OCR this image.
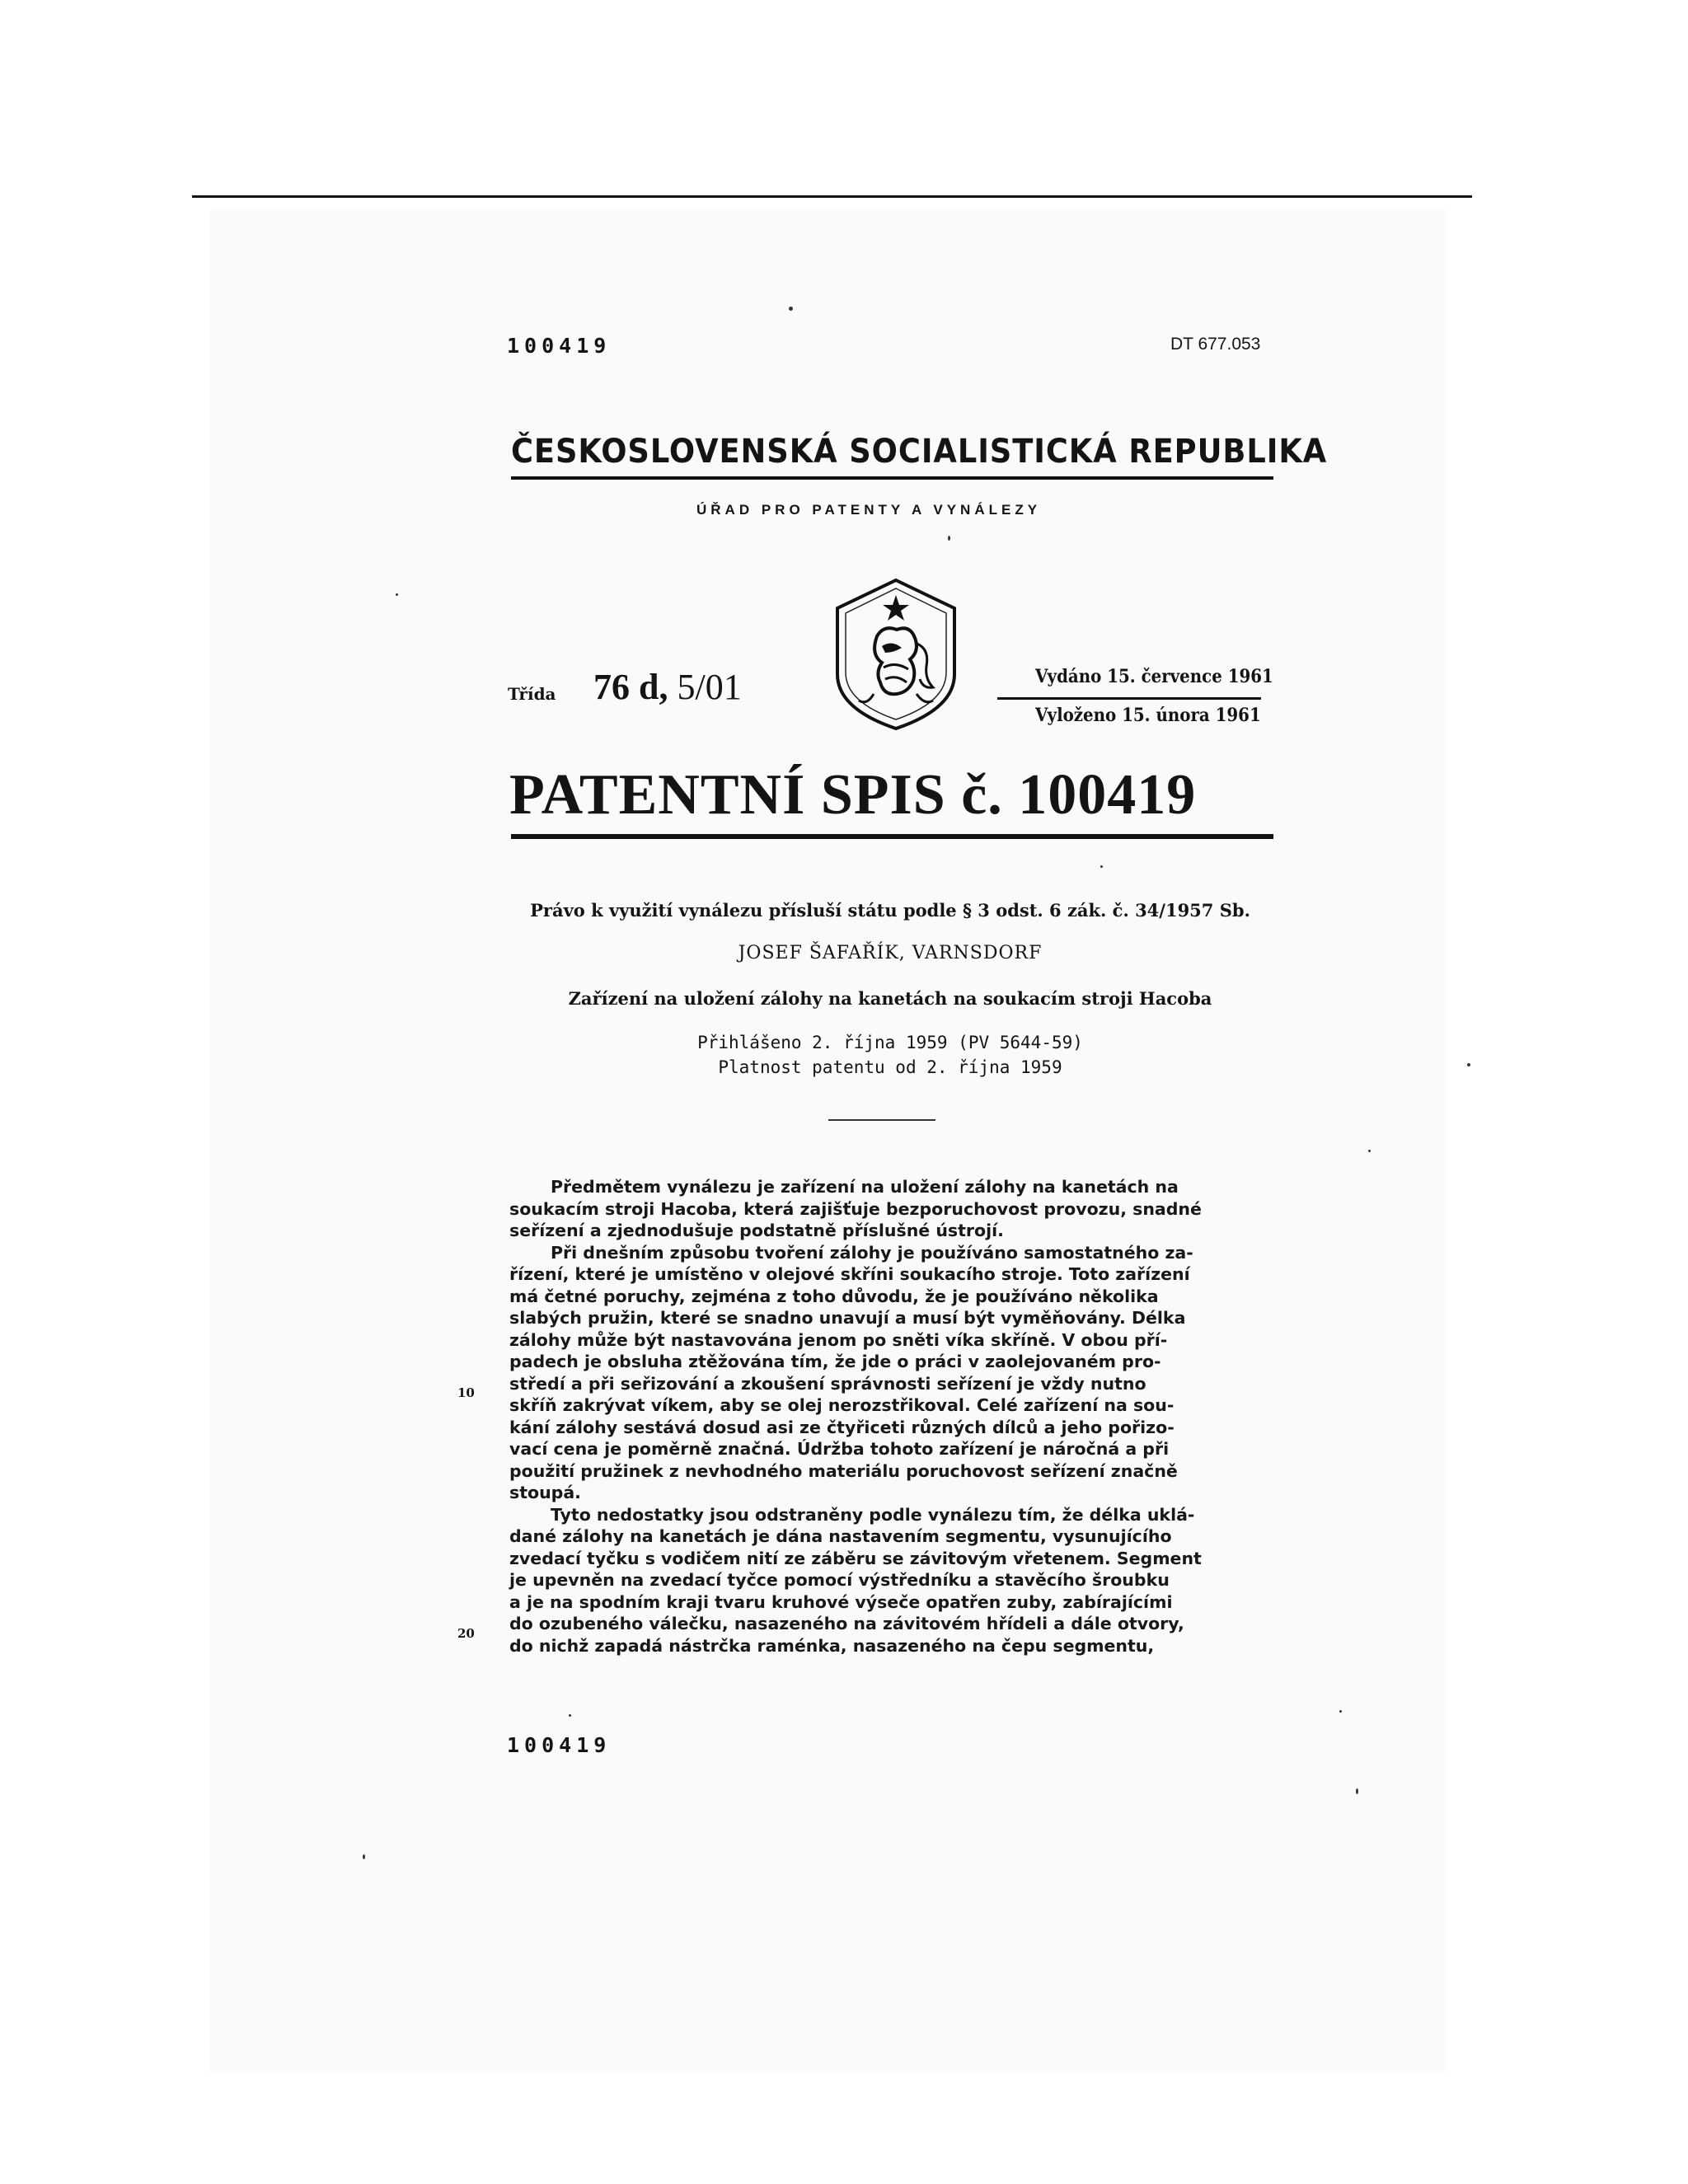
100419	DT 677.053
ČESKOSLOVENSKÁ SOCIALISTICKÁ REPUBLIKA
ÚŘAD PRO PATENTY A VYNÁLEZY
Třída 76 d, 5/01	Vydáno 15. července 1961
Vyloženo 15. února 1961
PATENTNÍ SPIS č. 100419
Právo k využití vynálezu přísluší státu podle § 3 odst. 6 zák. č. 34/1957 Sb.
JOSEF ŠAFAŘÍK, VARNSDORF
Zařízení na uložení zálohy na kanetách na soukacím stroji Hacoba
Přihlášeno 2. října 1959 (PV 5644-59)
Platnost patentu od 2. října 1959
Předmětem vynálezu je zařízení na uložení zálohy na kanetách na
soukacím stroji Hacoba, která zajišťuje bezporuchovost provozu, snadné
seřízení a zjednodušuje podstatně příslušné ústrojí.
Při dnešním způsobu tvoření zálohy je používáno samostatného za-
řízení, které je umístěno v olejové skříni soukacího stroje. Toto zařízení
má četné poruchy, zejména z toho důvodu, že je používáno několika
slabých pružin, které se snadno unavují a musí být vyměňovány. Délka
zálohy může být nastavována jenom po sněti víka skříně. V obou pří-
padech je obsluha ztěžována tím, že jde o práci v zaolejovaném pro-
středí a při seřizování a zkoušení správnosti seřízení je vždy nutno
skříň zakrývat víkem, aby se olej nerozstřikoval. Celé zařízení na sou-
kání zálohy sestává dosud asi ze čtyřiceti různých dílců a jeho pořizo-
vací cena je poměrně značná. Údržba tohoto zařízení je náročná a při
použití pružinek z nevhodného materiálu poruchovost seřízení značně
stoupá.
Tyto nedostatky jsou odstraněny podle vynálezu tím, že délka uklá-
dané zálohy na kanetách je dána nastavením segmentu, vysunujícího
zvedací tyčku s vodičem nití ze záběru se závitovým vřetenem. Segment
je upevněn na zvedací tyčce pomocí výstředníku a stavěcího šroubku
a je na spodním kraji tvaru kruhové výseče opatřen zuby, zabírajícími
do ozubeného válečku, nasazeného na závitovém hřídeli a dále otvory,
do nichž zapadá nástrčka raménka, nasazeného na čepu segmentu,
10
20
100419
